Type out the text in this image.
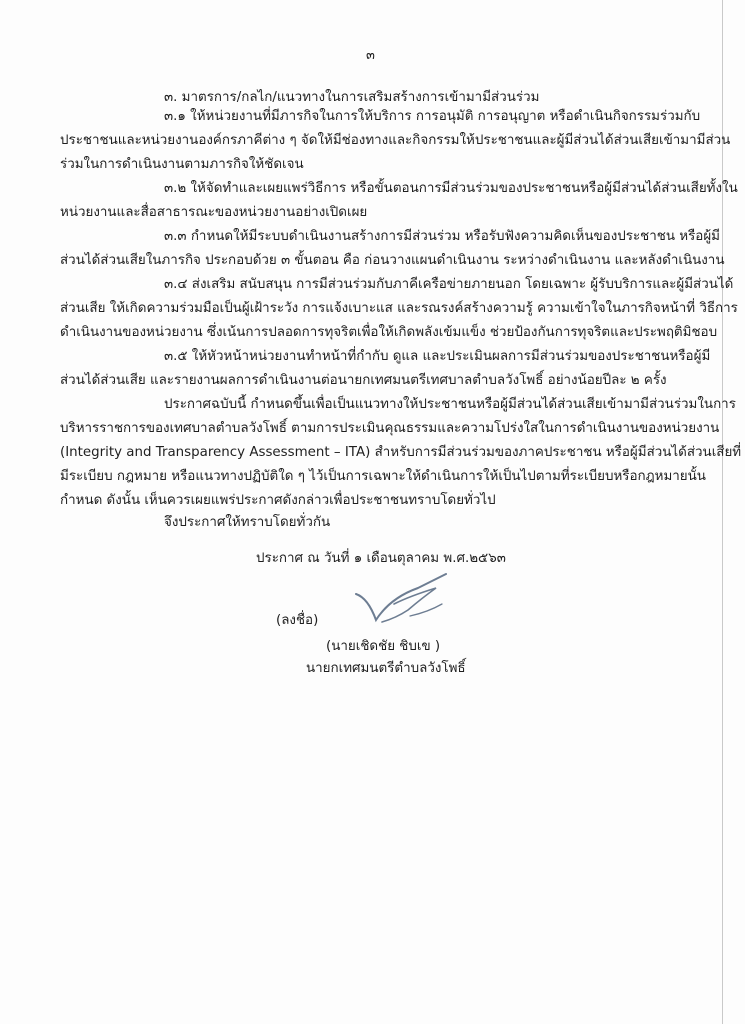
๓
๓. มาตรการ/กลไก/แนวทางในการเสริมสร้างการเข้ามามีส่วนร่วม
๓.๑ ให้หน่วยงานที่มีภารกิจในการให้บริการ การอนุมัติ การอนุญาต หรือดำเนินกิจกรรมร่วมกับ
ประชาชนและหน่วยงานองค์กรภาคีต่าง ๆ จัดให้มีช่องทางและกิจกรรมให้ประชาชนและผู้มีส่วนได้ส่วนเสียเข้ามามีส่วน
ร่วมในการดำเนินงานตามภารกิจให้ชัดเจน
๓.๒ ให้จัดทำและเผยแพร่วิธีการ หรือขั้นตอนการมีส่วนร่วมของประชาชนหรือผู้มีส่วนได้ส่วนเสียทั้งใน
หน่วยงานและสื่อสาธารณะของหน่วยงานอย่างเปิดเผย
๓.๓ กำหนดให้มีระบบดำเนินงานสร้างการมีส่วนร่วม หรือรับฟังความคิดเห็นของประชาชน หรือผู้มี
ส่วนได้ส่วนเสียในภารกิจ ประกอบด้วย ๓ ขั้นตอน คือ ก่อนวางแผนดำเนินงาน ระหว่างดำเนินงาน และหลังดำเนินงาน
๓.๔ ส่งเสริม สนับสนุน การมีส่วนร่วมกับภาคีเครือข่ายภายนอก โดยเฉพาะ ผู้รับบริการและผู้มีส่วนได้
ส่วนเสีย ให้เกิดความร่วมมือเป็นผู้เฝ้าระวัง การแจ้งเบาะแส และรณรงค์สร้างความรู้ ความเข้าใจในภารกิจหน้าที่ วิธีการ
ดำเนินงานของหน่วยงาน ซึ่งเน้นการปลอดการทุจริตเพื่อให้เกิดพลังเข้มแข็ง ช่วยป้องกันการทุจริตและประพฤติมิชอบ
๓.๕ ให้หัวหน้าหน่วยงานทำหน้าที่กำกับ ดูแล และประเมินผลการมีส่วนร่วมของประชาชนหรือผู้มี
ส่วนได้ส่วนเสีย และรายงานผลการดำเนินงานต่อนายกเทศมนตรีเทศบาลตำบลวังโพธิ์ อย่างน้อยปีละ ๒ ครั้ง
ประกาศฉบับนี้ กำหนดขึ้นเพื่อเป็นแนวทางให้ประชาชนหรือผู้มีส่วนได้ส่วนเสียเข้ามามีส่วนร่วมในการ
บริหารราชการของเทศบาลตำบลวังโพธิ์ ตามการประเมินคุณธรรมและความโปร่งใสในการดำเนินงานของหน่วยงาน
(Integrity and Transparency Assessment – ITA) สำหรับการมีส่วนร่วมของภาคประชาชน หรือผู้มีส่วนได้ส่วนเสียที่
มีระเบียบ กฎหมาย หรือแนวทางปฏิบัติใด ๆ ไว้เป็นการเฉพาะให้ดำเนินการให้เป็นไปตามที่ระเบียบหรือกฎหมายนั้น
กำหนด ดังนั้น เห็นควรเผยแพร่ประกาศดังกล่าวเพื่อประชาชนทราบโดยทั่วไป
จึงประกาศให้ทราบโดยทั่วกัน
ประกาศ ณ วันที่ ๑ เดือนตุลาคม พ.ศ.๒๕๖๓
(ลงชื่อ)
(นายเชิดชัย ชิบเข )
นายกเทศมนตรีตำบลวังโพธิ์
